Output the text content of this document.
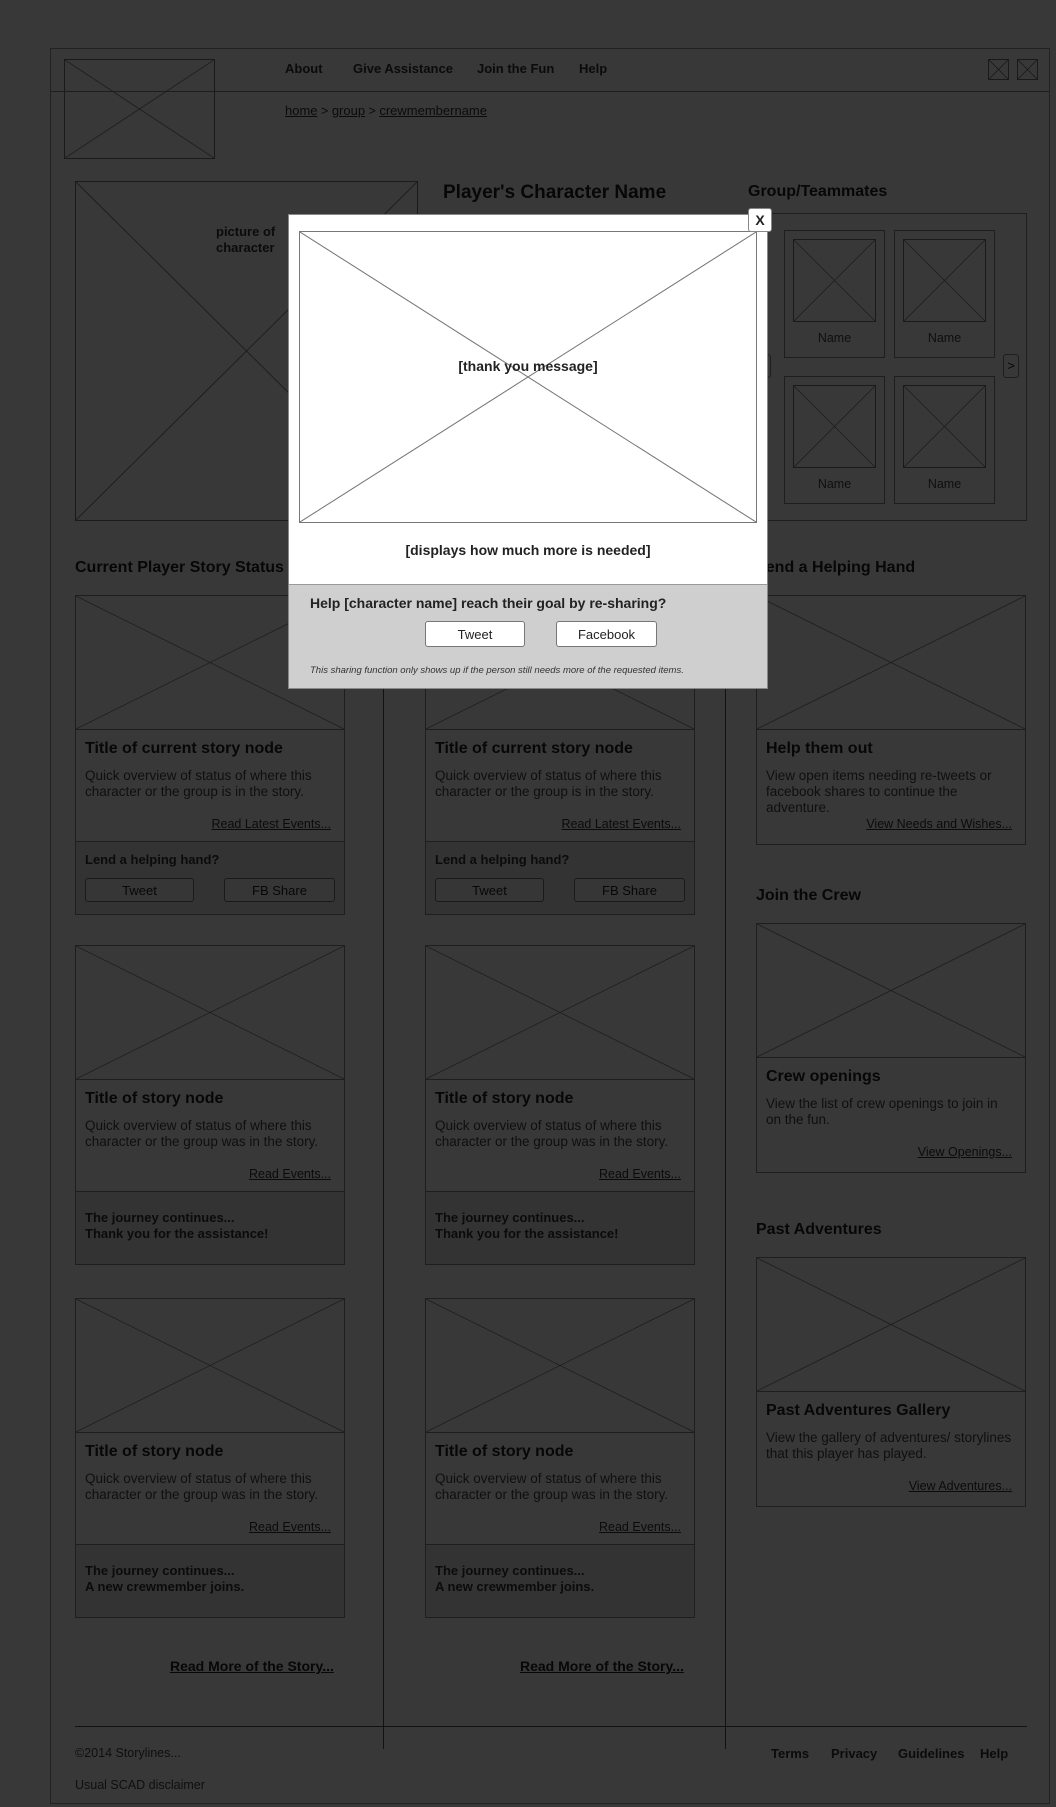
[thank you message]
[displays how much more is needed]
Help [character name] reach their goal by re-sharing?
Tweet	Facebook
This sharing function only shows up if the person still needs more of the requested items.
X
